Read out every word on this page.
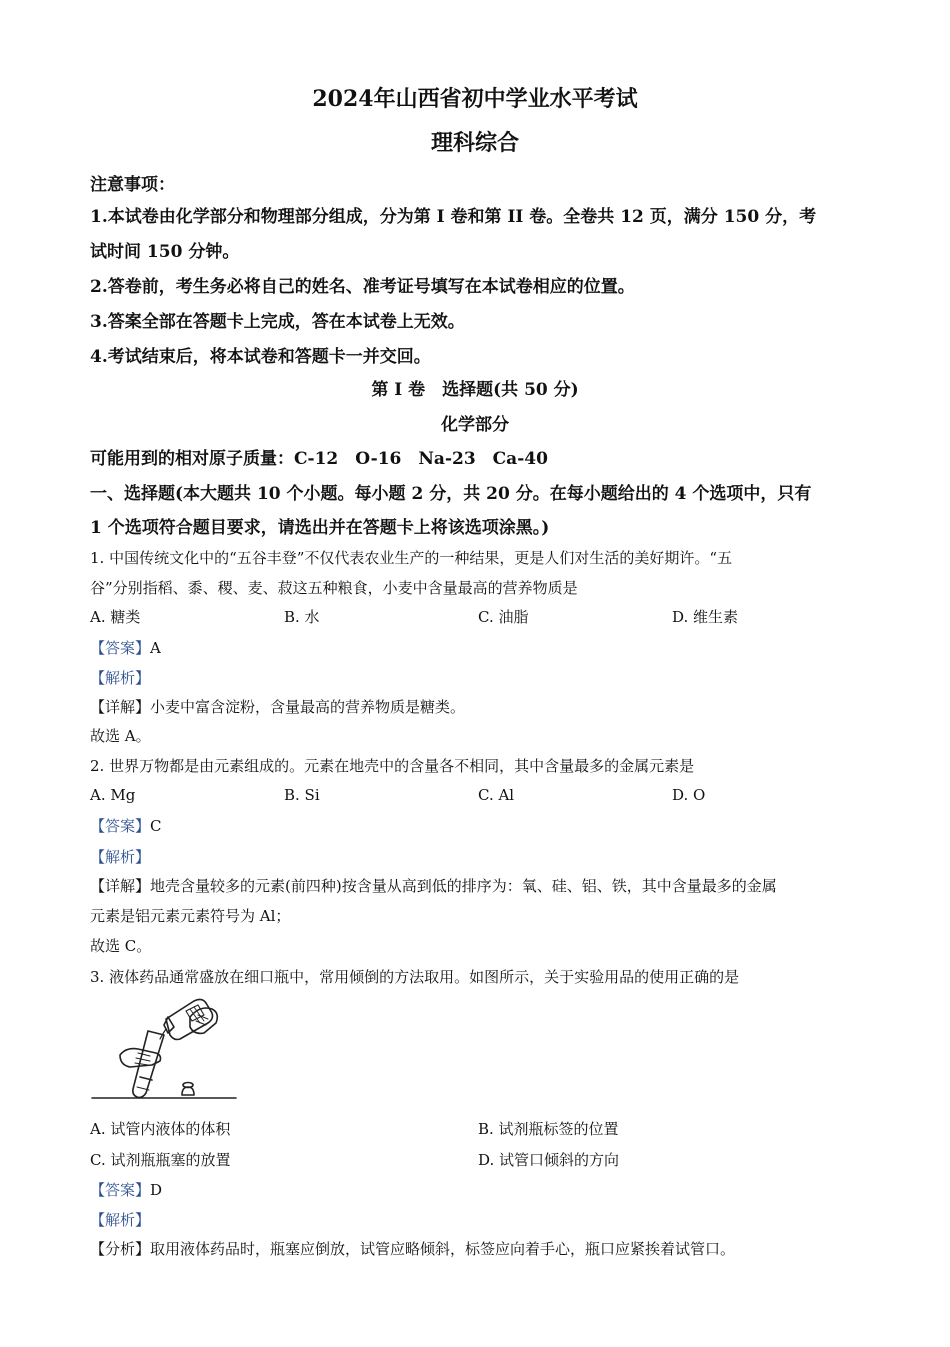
2024年山西省初中学业水平考试
理科综合
注意事项：
1.本试卷由化学部分和物理部分组成，分为第 I 卷和第 II 卷。全卷共 12 页，满分 150 分，考
试时间 150 分钟。
2.答卷前，考生务必将自己的姓名、准考证号填写在本试卷相应的位置。
3.答案全部在答题卡上完成，答在本试卷上无效。
4.考试结束后，将本试卷和答题卡一并交回。
第 I 卷　选择题(共 50 分)
化学部分
可能用到的相对原子质量：C-12　O-16　Na-23　Ca-40
一、选择题(本大题共 10 个小题。每小题 2 分，共 20 分。在每小题给出的 4 个选项中，只有
1 个选项符合题目要求，请选出并在答题卡上将该选项涂黑。)
1. 中国传统文化中的“五谷丰登”不仅代表农业生产的一种结果，更是人们对生活的美好期许。“五
谷”分别指稻、黍、稷、麦、菽这五种粮食，小麦中含量最高的营养物质是
A. 糖类	B. 水	C. 油脂	D. 维生素
【答案】A
【解析】
【详解】小麦中富含淀粉，含量最高的营养物质是糖类。
故选 A。
2. 世界万物都是由元素组成的。元素在地壳中的含量各不相同，其中含量最多的金属元素是
A. Mg	B. Si	C. Al	D. O
【答案】C
【解析】
【详解】地壳含量较多的元素(前四种)按含量从高到低的排序为：氧、硅、铝、铁，其中含量最多的金属
元素是铝元素元素符号为 Al；
故选 C。
3. 液体药品通常盛放在细口瓶中，常用倾倒的方法取用。如图所示，关于实验用品的使用正确的是
A. 试管内液体的体积	B. 试剂瓶标签的位置
C. 试剂瓶瓶塞的放置	D. 试管口倾斜的方向
【答案】D
【解析】
【分析】取用液体药品时，瓶塞应倒放，试管应略倾斜，标签应向着手心，瓶口应紧挨着试管口。
